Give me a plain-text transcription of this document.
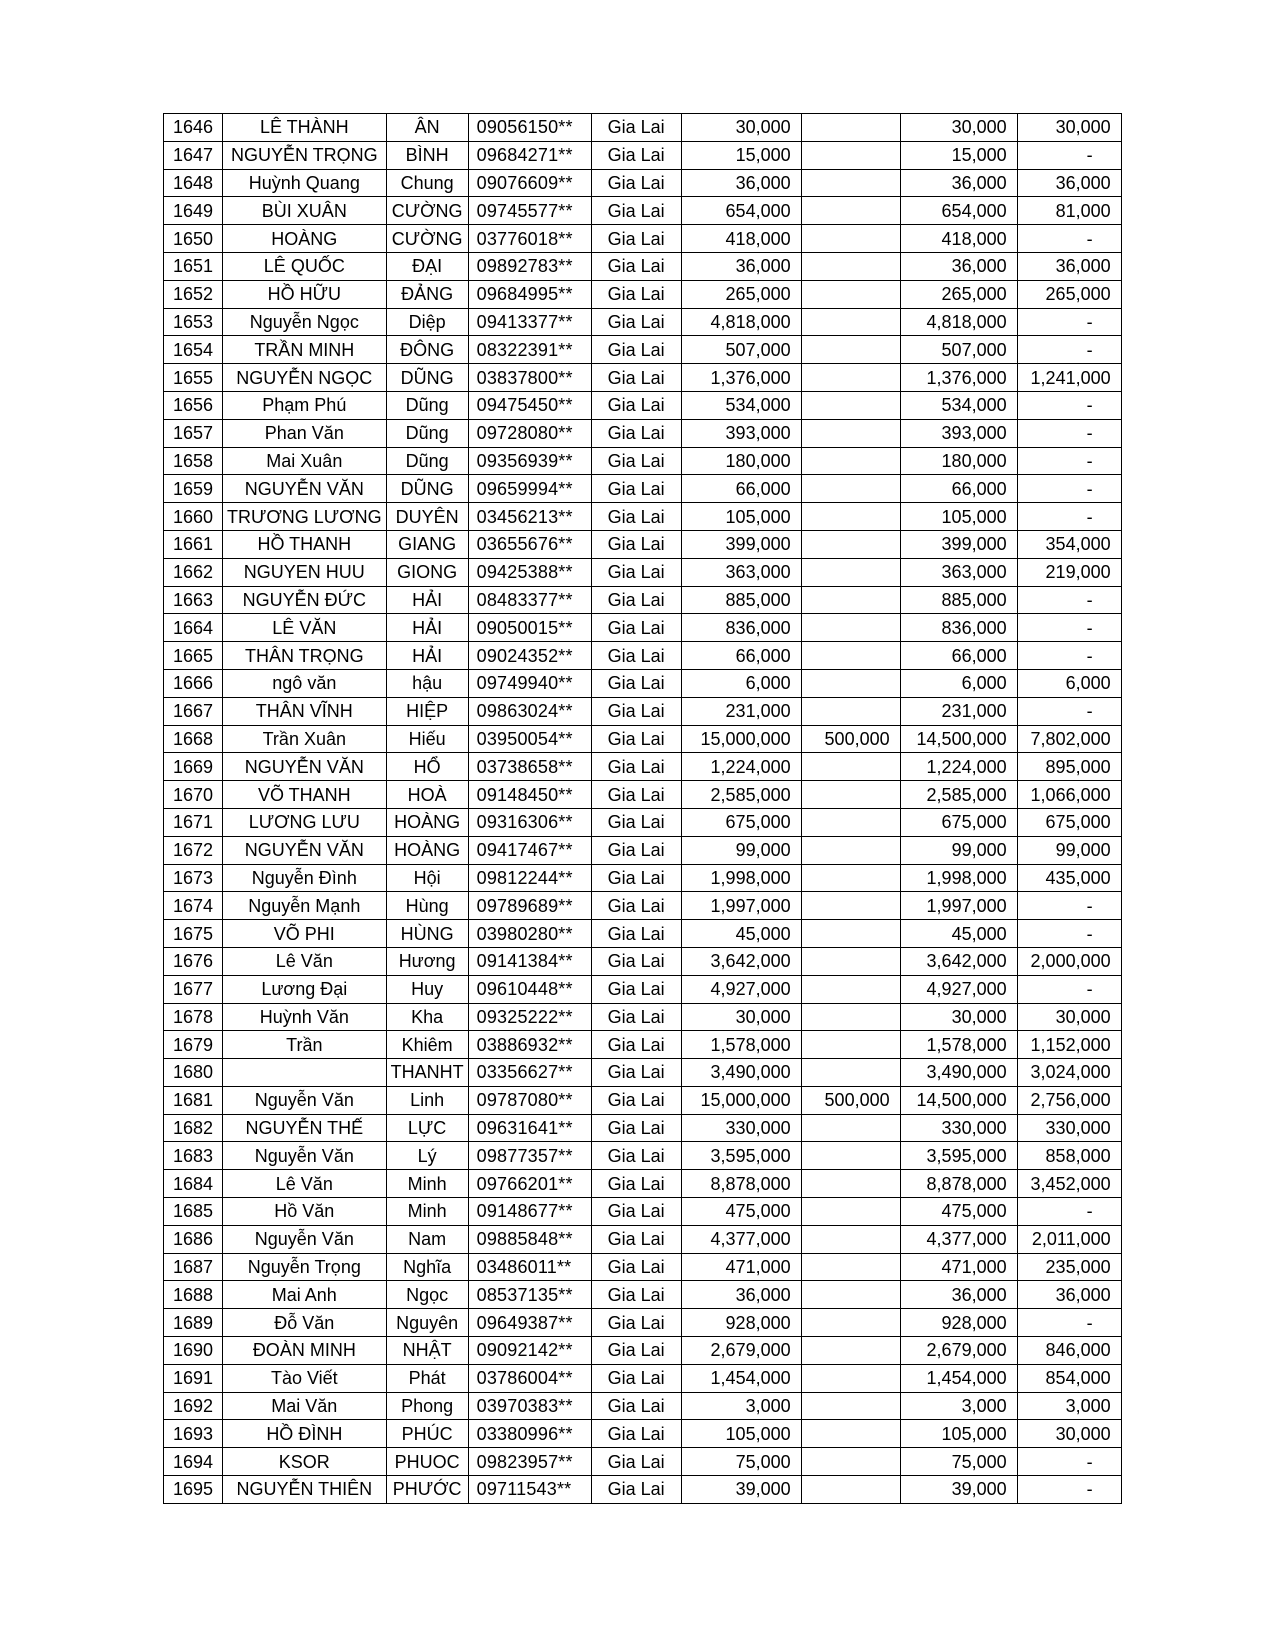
1646	LÊ THÀNH	ÂN	09056150**	Gia Lai	30,000		30,000	30,000
1647	NGUYỄN TRỌNG	BÌNH	09684271**	Gia Lai	15,000		15,000	-
1648	Huỳnh Quang	Chung	09076609**	Gia Lai	36,000		36,000	36,000
1649	BÙI XUÂN	CƯỜNG	09745577**	Gia Lai	654,000		654,000	81,000
1650	HOÀNG	CƯỜNG	03776018**	Gia Lai	418,000		418,000	-
1651	LÊ QUỐC	ĐẠI	09892783**	Gia Lai	36,000		36,000	36,000
1652	HỒ HỮU	ĐẢNG	09684995**	Gia Lai	265,000		265,000	265,000
1653	Nguyễn Ngọc	Diệp	09413377**	Gia Lai	4,818,000		4,818,000	-
1654	TRẦN MINH	ĐÔNG	08322391**	Gia Lai	507,000		507,000	-
1655	NGUYỄN NGỌC	DŨNG	03837800**	Gia Lai	1,376,000		1,376,000	1,241,000
1656	Phạm Phú	Dũng	09475450**	Gia Lai	534,000		534,000	-
1657	Phan Văn	Dũng	09728080**	Gia Lai	393,000		393,000	-
1658	Mai Xuân	Dũng	09356939**	Gia Lai	180,000		180,000	-
1659	NGUYỄN VĂN	DŨNG	09659994**	Gia Lai	66,000		66,000	-
1660	TRƯƠNG LƯƠNG	DUYÊN	03456213**	Gia Lai	105,000		105,000	-
1661	HỒ THANH	GIANG	03655676**	Gia Lai	399,000		399,000	354,000
1662	NGUYEN HUU	GIONG	09425388**	Gia Lai	363,000		363,000	219,000
1663	NGUYỄN ĐỨC	HẢI	08483377**	Gia Lai	885,000		885,000	-
1664	LÊ VĂN	HẢI	09050015**	Gia Lai	836,000		836,000	-
1665	THÂN TRỌNG	HẢI	09024352**	Gia Lai	66,000		66,000	-
1666	ngô văn	hậu	09749940**	Gia Lai	6,000		6,000	6,000
1667	THÂN VĨNH	HIỆP	09863024**	Gia Lai	231,000		231,000	-
1668	Trần Xuân	Hiếu	03950054**	Gia Lai	15,000,000	500,000	14,500,000	7,802,000
1669	NGUYỄN VĂN	HỔ	03738658**	Gia Lai	1,224,000		1,224,000	895,000
1670	VÕ THANH	HOÀ	09148450**	Gia Lai	2,585,000		2,585,000	1,066,000
1671	LƯƠNG LƯU	HOÀNG	09316306**	Gia Lai	675,000		675,000	675,000
1672	NGUYỄN VĂN	HOÀNG	09417467**	Gia Lai	99,000		99,000	99,000
1673	Nguyễn Đình	Hội	09812244**	Gia Lai	1,998,000		1,998,000	435,000
1674	Nguyễn Mạnh	Hùng	09789689**	Gia Lai	1,997,000		1,997,000	-
1675	VÕ PHI	HÙNG	03980280**	Gia Lai	45,000		45,000	-
1676	Lê Văn	Hương	09141384**	Gia Lai	3,642,000		3,642,000	2,000,000
1677	Lương Đại	Huy	09610448**	Gia Lai	4,927,000		4,927,000	-
1678	Huỳnh Văn	Kha	09325222**	Gia Lai	30,000		30,000	30,000
1679	Trần	Khiêm	03886932**	Gia Lai	1,578,000		1,578,000	1,152,000
1680		THANHT	03356627**	Gia Lai	3,490,000		3,490,000	3,024,000
1681	Nguyễn Văn	Linh	09787080**	Gia Lai	15,000,000	500,000	14,500,000	2,756,000
1682	NGUYỄN THẾ	LỰC	09631641**	Gia Lai	330,000		330,000	330,000
1683	Nguyễn Văn	Lý	09877357**	Gia Lai	3,595,000		3,595,000	858,000
1684	Lê Văn	Minh	09766201**	Gia Lai	8,878,000		8,878,000	3,452,000
1685	Hồ Văn	Minh	09148677**	Gia Lai	475,000		475,000	-
1686	Nguyễn Văn	Nam	09885848**	Gia Lai	4,377,000		4,377,000	2,011,000
1687	Nguyễn Trọng	Nghĩa	03486011**	Gia Lai	471,000		471,000	235,000
1688	Mai Anh	Ngọc	08537135**	Gia Lai	36,000		36,000	36,000
1689	Đỗ Văn	Nguyên	09649387**	Gia Lai	928,000		928,000	-
1690	ĐOÀN MINH	NHẬT	09092142**	Gia Lai	2,679,000		2,679,000	846,000
1691	Tào Viết	Phát	03786004**	Gia Lai	1,454,000		1,454,000	854,000
1692	Mai Văn	Phong	03970383**	Gia Lai	3,000		3,000	3,000
1693	HỒ ĐÌNH	PHÚC	03380996**	Gia Lai	105,000		105,000	30,000
1694	KSOR	PHUOC	09823957**	Gia Lai	75,000		75,000	-
1695	NGUYỄN THIÊN	PHƯỚC	09711543**	Gia Lai	39,000		39,000	-
